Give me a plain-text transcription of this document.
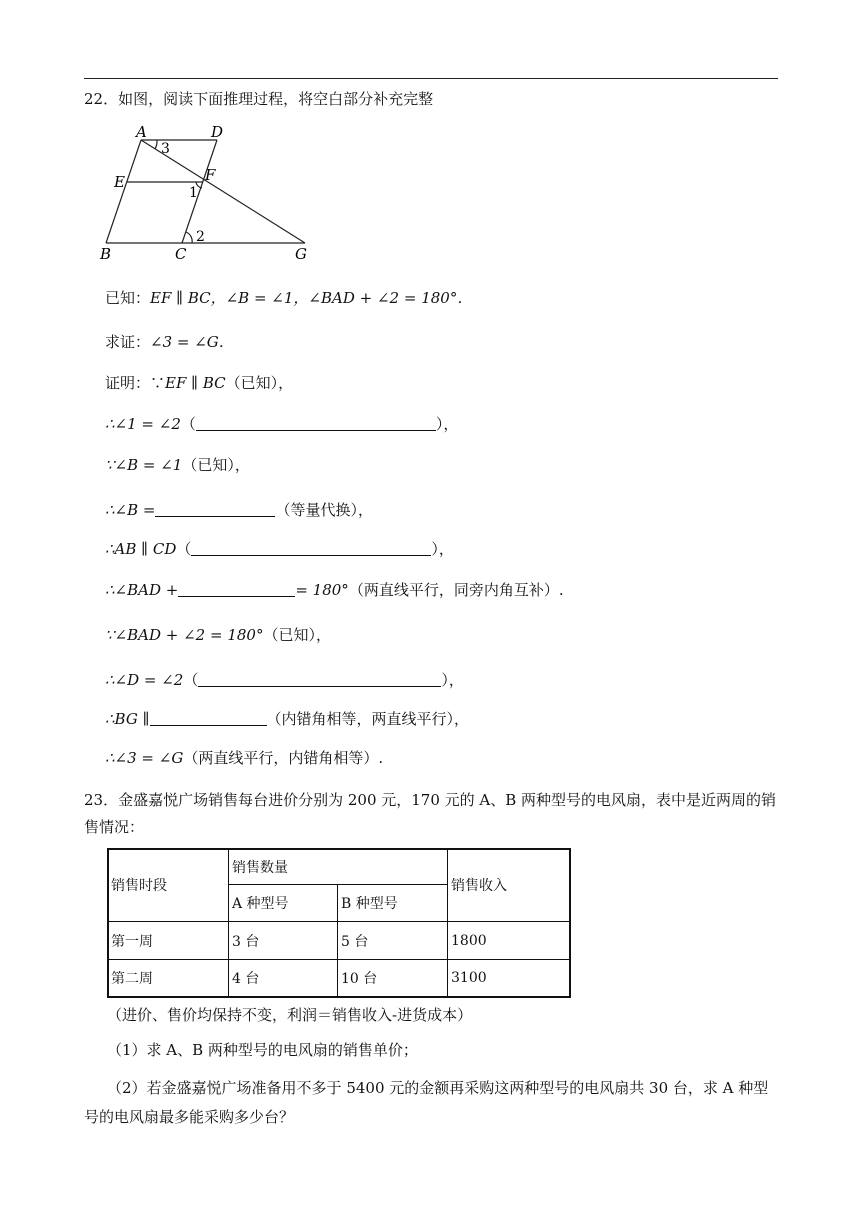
22．如图，阅读下面推理过程，将空白部分补充完整
A	D
E	F
B	C	G
3
1
2
已知：EF ∥ BC，∠B = ∠1，∠BAD + ∠2 = 180°．
求证：∠3 = ∠G．
证明：∵EF ∥ BC（已知），
∴∠1 = ∠2（	），
∵∠B = ∠1（已知），
∴∠B =	（等量代换），
∴AB ∥ CD（	），
∴∠BAD +	= 180°（两直线平行，同旁内角互补）.
∵∠BAD + ∠2 = 180°（已知），
∴∠D = ∠2（	），
∴BG ∥	（内错角相等，两直线平行），
∴∠3 = ∠G（两直线平行，内错角相等）.
23．金盛嘉悦广场销售每台进价分别为 200 元，170 元的 A、B 两种型号的电风扇，表中是近两周的销
售情况：
销售时段	销售数量		销售收入
	A 种型号	B 种型号	
第一周	3 台	5 台	1800
第二周	4 台	10 台	3100
（进价、售价均保持不变，利润＝销售收入-进货成本）
（1）求 A、B 两种型号的电风扇的销售单价；
（2）若金盛嘉悦广场准备用不多于 5400 元的金额再采购这两种型号的电风扇共 30 台，求 A 种型
号的电风扇最多能采购多少台？
